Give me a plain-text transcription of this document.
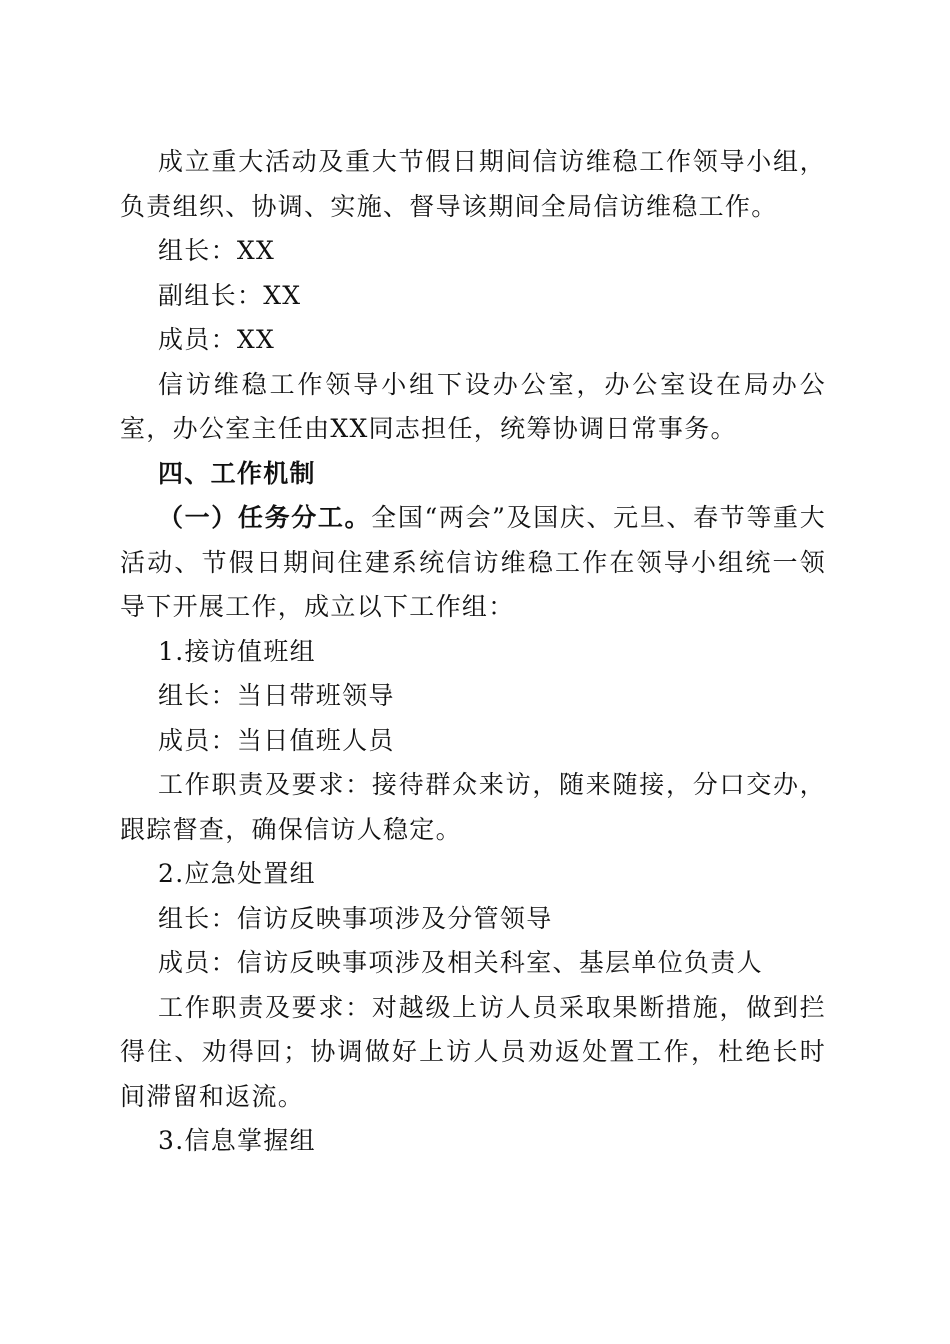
成立重大活动及重大节假日期间信访维稳工作领导小组，负责组织、协调、实施、督导该期间全局信访维稳工作。

组长：XX

副组长：XX

成员：XX

信访维稳工作领导小组下设办公室，办公室设在局办公室，办公室主任由XX同志担任，统筹协调日常事务。

四、工作机制

（一）任务分工。全国“两会”及国庆、元旦、春节等重大活动、节假日期间住建系统信访维稳工作在领导小组统一领导下开展工作，成立以下工作组：

1.接访值班组

组长：当日带班领导

成员：当日值班人员

工作职责及要求：接待群众来访，随来随接，分口交办，跟踪督查，确保信访人稳定。

2.应急处置组

组长：信访反映事项涉及分管领导

成员：信访反映事项涉及相关科室、基层单位负责人

工作职责及要求：对越级上访人员采取果断措施，做到拦得住、劝得回；协调做好上访人员劝返处置工作，杜绝长时间滞留和返流。

3.信息掌握组
